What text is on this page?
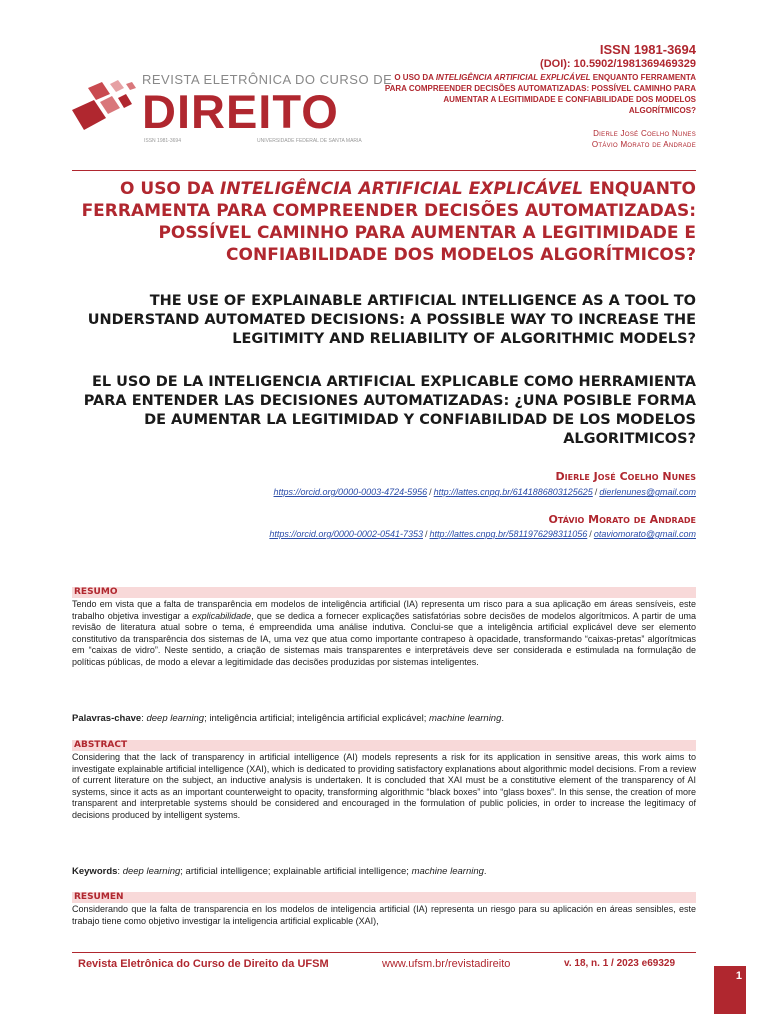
REVISTA ELETRÔNICA DO CURSO DE
DIREITO
ISSN 1981-3694	UNIVERSIDADE FEDERAL DE SANTA MARIA
ISSN 1981-3694
(DOI): 10.5902/1981369469329
O USO DA INTELIGÊNCIA ARTIFICIAL EXPLICÁVEL ENQUANTO FERRAMENTA PARA COMPREENDER DECISÕES AUTOMATIZADAS: POSSÍVEL CAMINHO PARA AUMENTAR A LEGITIMIDADE E CONFIABILIDADE DOS MODELOS ALGORÍTMICOS?
Dierle José Coelho Nunes
Otávio Morato de Andrade
O USO DA INTELIGÊNCIA ARTIFICIAL EXPLICÁVEL ENQUANTO FERRAMENTA PARA COMPREENDER DECISÕES AUTOMATIZADAS: POSSÍVEL CAMINHO PARA AUMENTAR A LEGITIMIDADE E CONFIABILIDADE DOS MODELOS ALGORÍTMICOS?
THE USE OF EXPLAINABLE ARTIFICIAL INTELLIGENCE AS A TOOL TO UNDERSTAND AUTOMATED DECISIONS: A POSSIBLE WAY TO INCREASE THE LEGITIMITY AND RELIABILITY OF ALGORITHMIC MODELS?
EL USO DE LA INTELIGENCIA ARTIFICIAL EXPLICABLE COMO HERRAMIENTA PARA ENTENDER LAS DECISIONES AUTOMATIZADAS: ¿UNA POSIBLE FORMA DE AUMENTAR LA LEGITIMIDAD Y CONFIABILIDAD DE LOS MODELOS ALGORITMICOS?
Dierle José Coelho Nunes
https://orcid.org/0000-0003-4724-5956 / http://lattes.cnpq.br/6141886803125625 / dierlenunes@gmail.com
Otávio Morato de Andrade
https://orcid.org/0000-0002-0541-7353 / http://lattes.cnpq.br/5811976298311056 / otaviomorato@gmail.com
RESUMO
Tendo em vista que a falta de transparência em modelos de inteligência artificial (IA) representa um risco para a sua aplicação em áreas sensíveis, este trabalho objetiva investigar a explicabilidade, que se dedica a fornecer explicações satisfatórias sobre decisões de modelos algorítmicos. A partir de uma revisão de literatura atual sobre o tema, é empreendida uma análise indutiva. Conclui-se que a inteligência artificial explicável deve ser elemento constitutivo da transparência dos sistemas de IA, uma vez que atua como importante contrapeso à opacidade, transformando “caixas-pretas” algorítmicas em “caixas de vidro”. Neste sentido, a criação de sistemas mais transparentes e interpretáveis deve ser considerada e estimulada na formulação de políticas públicas, de modo a elevar a legitimidade das decisões produzidas por sistemas inteligentes.
Palavras-chave: deep learning; inteligência artificial; inteligência artificial explicável; machine learning.
ABSTRACT
Considering that the lack of transparency in artificial intelligence (AI) models represents a risk for its application in sensitive areas, this work aims to investigate explainable artificial intelligence (XAI), which is dedicated to providing satisfactory explanations about algorithmic model decisions. From a review of current literature on the subject, an inductive analysis is undertaken. It is concluded that XAI must be a constitutive element of the transparency of AI systems, since it acts as an important counterweight to opacity, transforming algorithmic “black boxes” into “glass boxes”. In this sense, the creation of more transparent and interpretable systems should be considered and encouraged in the formulation of public policies, in order to increase the legitimacy of decisions produced by intelligent systems.
Keywords: deep learning; artificial intelligence; explainable artificial intelligence; machine learning.
RESUMEN
Considerando que la falta de transparencia en los modelos de inteligencia artificial (IA) representa un riesgo para su aplicación en áreas sensibles, este trabajo tiene como objetivo investigar la inteligencia artificial explicable (XAI),
Revista Eletrônica do Curso de Direito da UFSM	www.ufsm.br/revistadireito	v. 18, n. 1 / 2023 e69329
1
